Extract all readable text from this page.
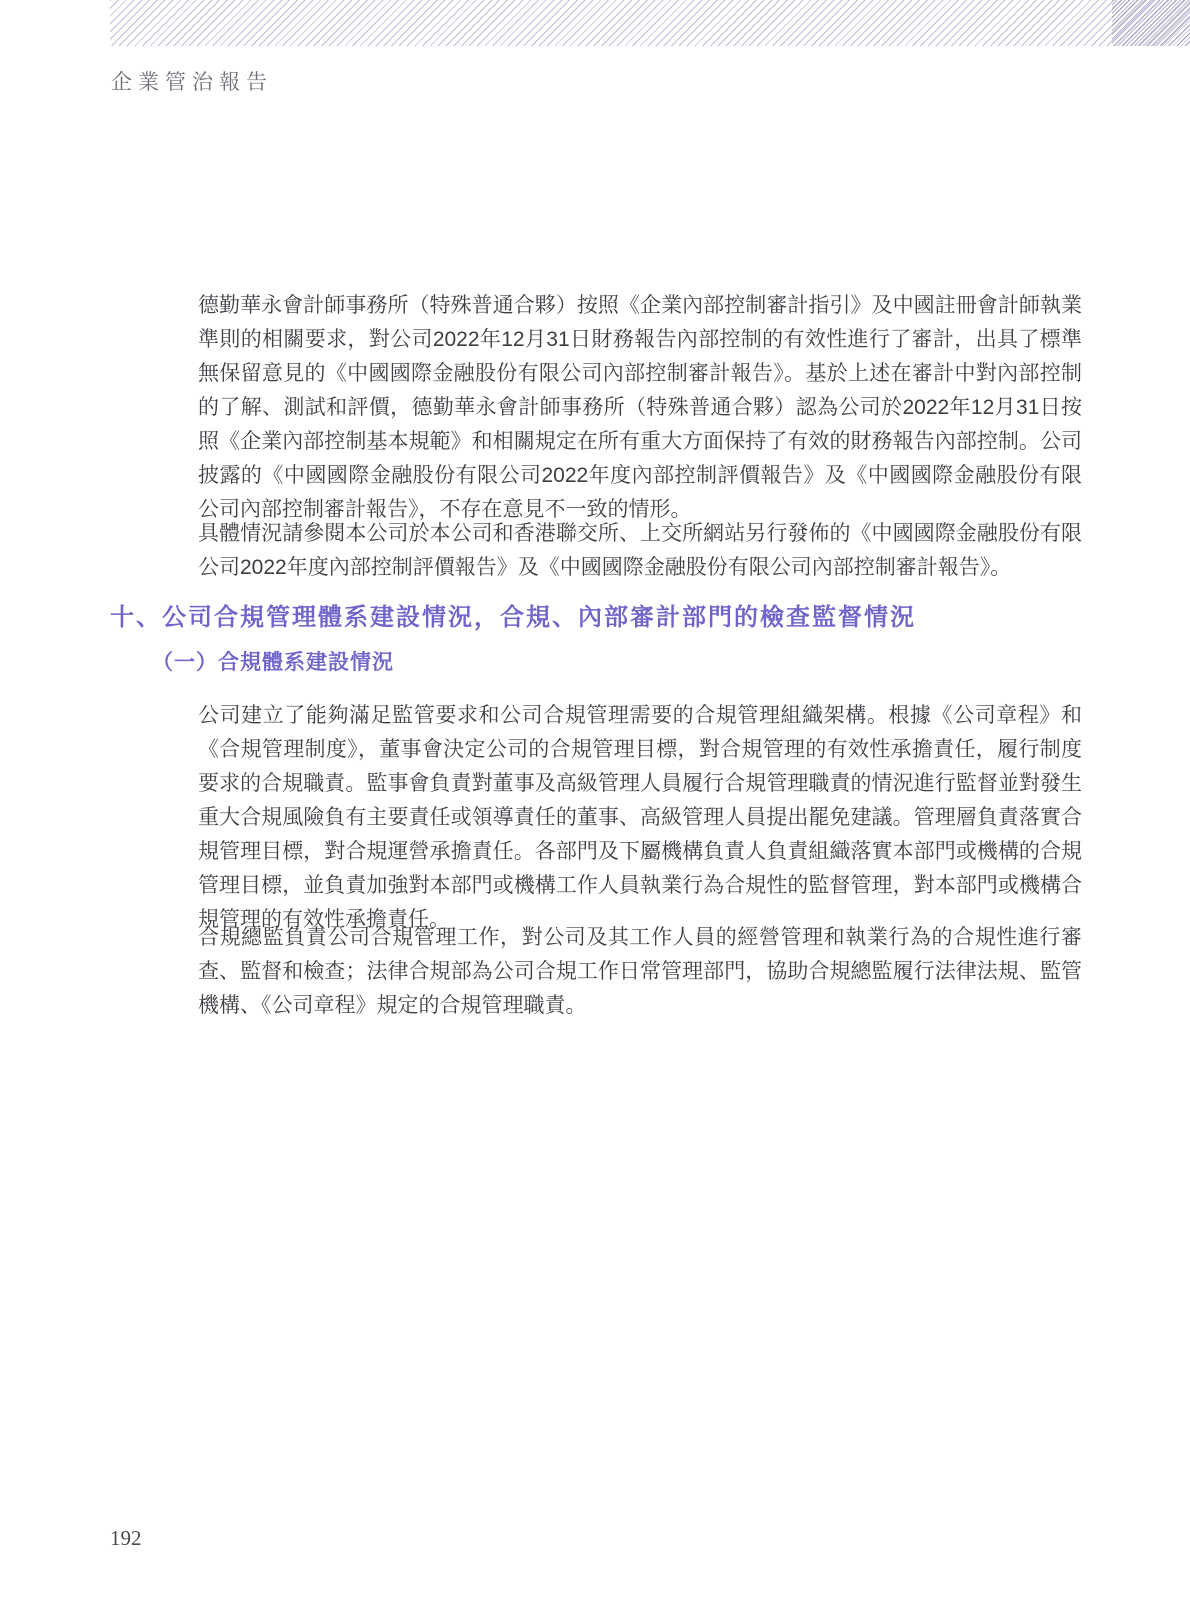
企業管治報告

德勤華永會計師事務所（特殊普通合夥）按照《企業內部控制審計指引》及中國註冊會計師執業準則的相關要求，對公司2022年12月31日財務報告內部控制的有效性進行了審計，出具了標準無保留意見的《中國國際金融股份有限公司內部控制審計報告》。基於上述在審計中對內部控制的了解、測試和評價，德勤華永會計師事務所（特殊普通合夥）認為公司於2022年12月31日按照《企業內部控制基本規範》和相關規定在所有重大方面保持了有效的財務報告內部控制。公司披露的《中國國際金融股份有限公司2022年度內部控制評價報告》及《中國國際金融股份有限公司內部控制審計報告》，不存在意見不一致的情形。

具體情況請參閱本公司於本公司和香港聯交所、上交所網站另行發佈的《中國國際金融股份有限公司2022年度內部控制評價報告》及《中國國際金融股份有限公司內部控制審計報告》。

十、公司合規管理體系建設情況，合規、內部審計部門的檢查監督情況
（一）合規體系建設情況

公司建立了能夠滿足監管要求和公司合規管理需要的合規管理組織架構。根據《公司章程》和《合規管理制度》，董事會決定公司的合規管理目標，對合規管理的有效性承擔責任，履行制度要求的合規職責。監事會負責對董事及高級管理人員履行合規管理職責的情況進行監督並對發生重大合規風險負有主要責任或領導責任的董事、高級管理人員提出罷免建議。管理層負責落實合規管理目標，對合規運營承擔責任。各部門及下屬機構負責人負責組織落實本部門或機構的合規管理目標，並負責加強對本部門或機構工作人員執業行為合規性的監督管理，對本部門或機構合規管理的有效性承擔責任。

合規總監負責公司合規管理工作，對公司及其工作人員的經營管理和執業行為的合規性進行審查、監督和檢查；法律合規部為公司合規工作日常管理部門，協助合規總監履行法律法規、監管機構、《公司章程》規定的合規管理職責。

192
